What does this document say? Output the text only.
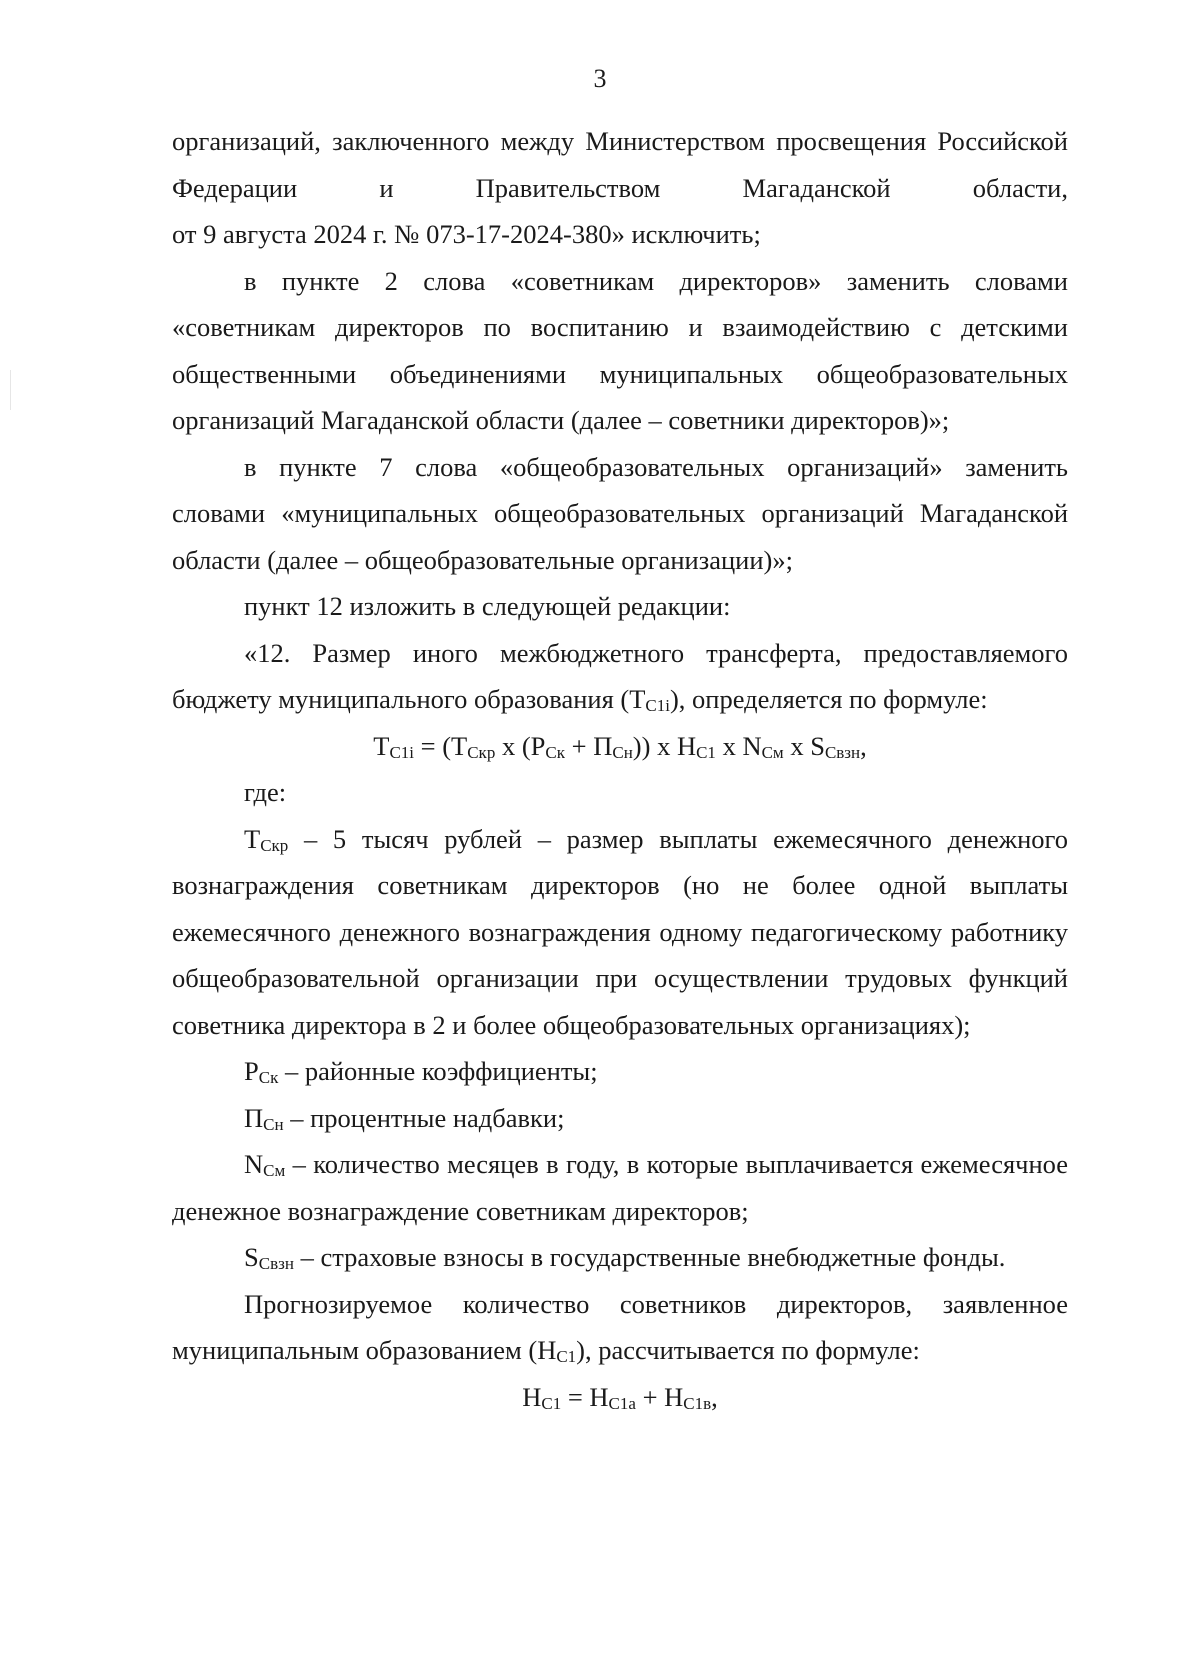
3

организаций, заключенного между Министерством просвещения Российской Федерации и Правительством Магаданской области,

от 9 августа 2024 г. № 073-17-2024-380» исключить;

в пункте 2 слова «советникам директоров» заменить словами «советникам директоров по воспитанию и взаимодействию с детскими общественными объединениями муниципальных общеобразовательных организаций Магаданской области (далее – советники директоров)»;

в пункте 7 слова «общеобразовательных организаций» заменить словами «муниципальных общеобразовательных организаций Магаданской области (далее – общеобразовательные организации)»;

пункт 12 изложить в следующей редакции:

«12. Размер иного межбюджетного трансферта, предоставляемого бюджету муниципального образования $(Т_{C1i})$, определяется по формуле:

$Т_{C1i} = (Т_{Скр}$ x $(Р_{Ск} + П_{Сн})$) x $Н_{С1}$ x $N_{См}$ x $S_{Свзн}$,

где:

$Т_{Скр} - 5$ тысяч рублей – размер выплаты ежемесячного денежного вознаграждения советникам директоров (но не более одной выплаты ежемесячного денежного вознаграждения одному педагогическому работнику общеобразовательной организации при осуществлении трудовых функций советника директора в 2 и более общеобразовательных организациях);

$Р_{Ск}$ – районные коэффициенты;

$П_{Сн}$ – процентные надбавки;

$N_{См}$ – количество месяцев в году, в которые выплачивается ежемесячное денежное вознаграждение советникам директоров;

$S_{Свзн}$ – страховые взносы в государственные внебюджетные фонды.

Прогнозируемое количество советников директоров, заявленное муниципальным образованием $(Н_{С1})$, рассчитывается по формуле:

$Н_{С1} = Н_{С1а} + Н_{С1в}$,
